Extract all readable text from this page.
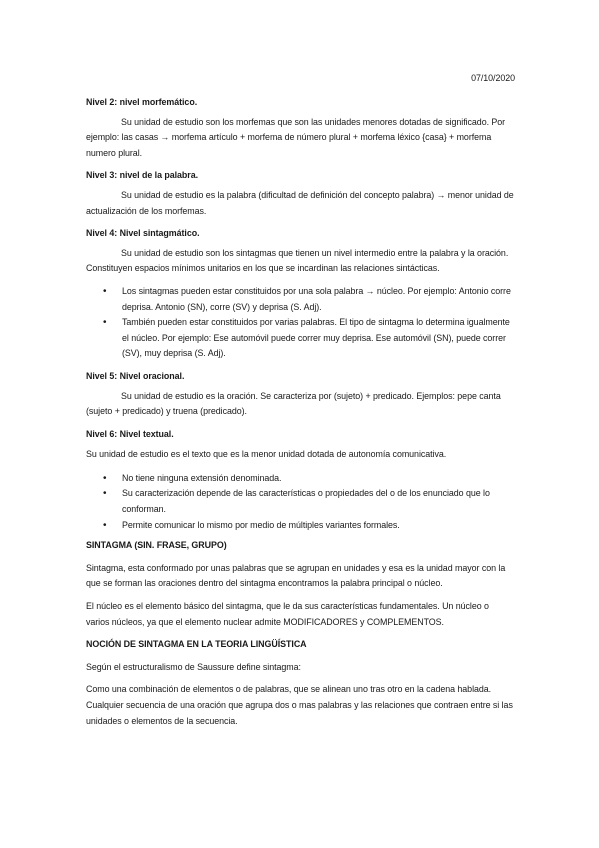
07/10/2020

Nivel 2: nivel morfemático.

Su unidad de estudio son los morfemas que son las unidades menores dotadas de significado. Por ejemplo: las casas → morfema artículo + morfema de número plural + morfema léxico {casa} + morfema numero plural.

Nivel 3: nivel de la palabra.

Su unidad de estudio es la palabra (dificultad de definición del concepto palabra) → menor unidad de actualización de los morfemas.

Nivel 4: Nivel sintagmático.

Su unidad de estudio son los sintagmas que tienen un nivel intermedio entre la palabra y la oración. Constituyen espacios mínimos unitarios en los que se incardinan las relaciones sintácticas.

• Los sintagmas pueden estar constituidos por una sola palabra → núcleo. Por ejemplo: Antonio corre deprisa. Antonio (SN), corre (SV) y deprisa (S. Adj).
• También pueden estar constituidos por varias palabras. El tipo de sintagma lo determina igualmente el núcleo. Por ejemplo: Ese automóvil puede correr muy deprisa. Ese automóvil (SN), puede correr (SV), muy deprisa (S. Adj).
Nivel 5: Nivel oracional.

Su unidad de estudio es la oración. Se caracteriza por (sujeto) + predicado. Ejemplos: pepe canta (sujeto + predicado) y truena (predicado).

Nivel 6: Nivel textual.

Su unidad de estudio es el texto que es la menor unidad dotada de autonomía comunicativa.

• No tiene ninguna extensión denominada.
• Su caracterización depende de las características o propiedades del o de los enunciado que lo conforman.
• Permite comunicar lo mismo por medio de múltiples variantes formales.
SINTAGMA (SIN. FRASE, GRUPO)

Sintagma, esta conformado por unas palabras que se agrupan en unidades y esa es la unidad mayor con la que se forman las oraciones dentro del sintagma encontramos la palabra principal o núcleo.

El núcleo es el elemento básico del sintagma, que le da sus características fundamentales. Un núcleo o varios núcleos, ya que el elemento nuclear admite MODIFICADORES y COMPLEMENTOS.

NOCIÓN DE SINTAGMA EN LA TEORIA LINGÜÍSTICA

Según el estructuralismo de Saussure define sintagma:

Como una combinación de elementos o de palabras, que se alinean uno tras otro en la cadena hablada. Cualquier secuencia de una oración que agrupa dos o mas palabras y las relaciones que contraen entre si las unidades o elementos de la secuencia.
